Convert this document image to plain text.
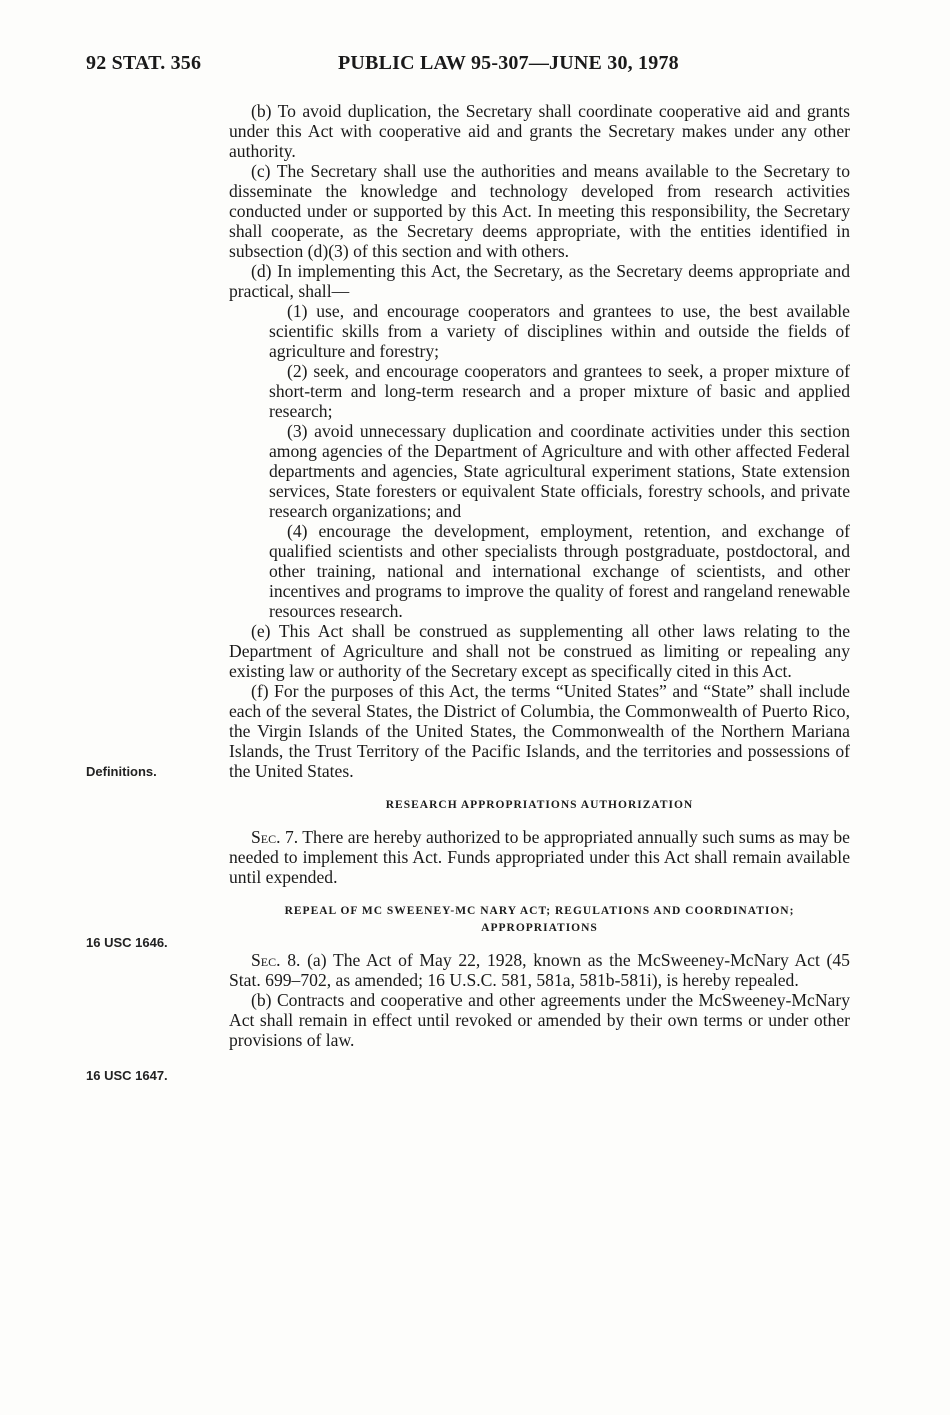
92 STAT. 356	PUBLIC LAW 95-307—JUNE 30, 1978
Definitions.
16 USC 1646.
16 USC 1647.

(b) To avoid duplication, the Secretary shall coordinate cooperative aid and grants under this Act with cooperative aid and grants the Secretary makes under any other authority.

(c) The Secretary shall use the authorities and means available to the Secretary to disseminate the knowledge and technology developed from research activities conducted under or supported by this Act. In meeting this responsibility, the Secretary shall cooperate, as the Secretary deems appropriate, with the entities identified in subsection (d)(3) of this section and with others.

(d) In implementing this Act, the Secretary, as the Secretary deems appropriate and practical, shall—

(1) use, and encourage cooperators and grantees to use, the best available scientific skills from a variety of disciplines within and outside the fields of agriculture and forestry;

(2) seek, and encourage cooperators and grantees to seek, a proper mixture of short-term and long-term research and a proper mixture of basic and applied research;

(3) avoid unnecessary duplication and coordinate activities under this section among agencies of the Department of Agriculture and with other affected Federal departments and agencies, State agricultural experiment stations, State extension services, State foresters or equivalent State officials, forestry schools, and private research organizations; and

(4) encourage the development, employment, retention, and exchange of qualified scientists and other specialists through postgraduate, postdoctoral, and other training, national and international exchange of scientists, and other incentives and programs to improve the quality of forest and rangeland renewable resources research.

(e) This Act shall be construed as supplementing all other laws relating to the Department of Agriculture and shall not be construed as limiting or repealing any existing law or authority of the Secretary except as specifically cited in this Act.

(f) For the purposes of this Act, the terms “United States” and “State” shall include each of the several States, the District of Columbia, the Commonwealth of Puerto Rico, the Virgin Islands of the United States, the Commonwealth of the Northern Mariana Islands, the Trust Territory of the Pacific Islands, and the territories and possessions of the United States.

RESEARCH APPROPRIATIONS AUTHORIZATION

Sec. 7. There are hereby authorized to be appropriated annually such sums as may be needed to implement this Act. Funds appropriated under this Act shall remain available until expended.

REPEAL OF MC SWEENEY-MC NARY ACT; REGULATIONS AND COORDINATION; APPROPRIATIONS

Sec. 8. (a) The Act of May 22, 1928, known as the McSweeney-McNary Act (45 Stat. 699–702, as amended; 16 U.S.C. 581, 581a, 581b-581i), is hereby repealed.

(b) Contracts and cooperative and other agreements under the McSweeney-McNary Act shall remain in effect until revoked or amended by their own terms or under other provisions of law.
